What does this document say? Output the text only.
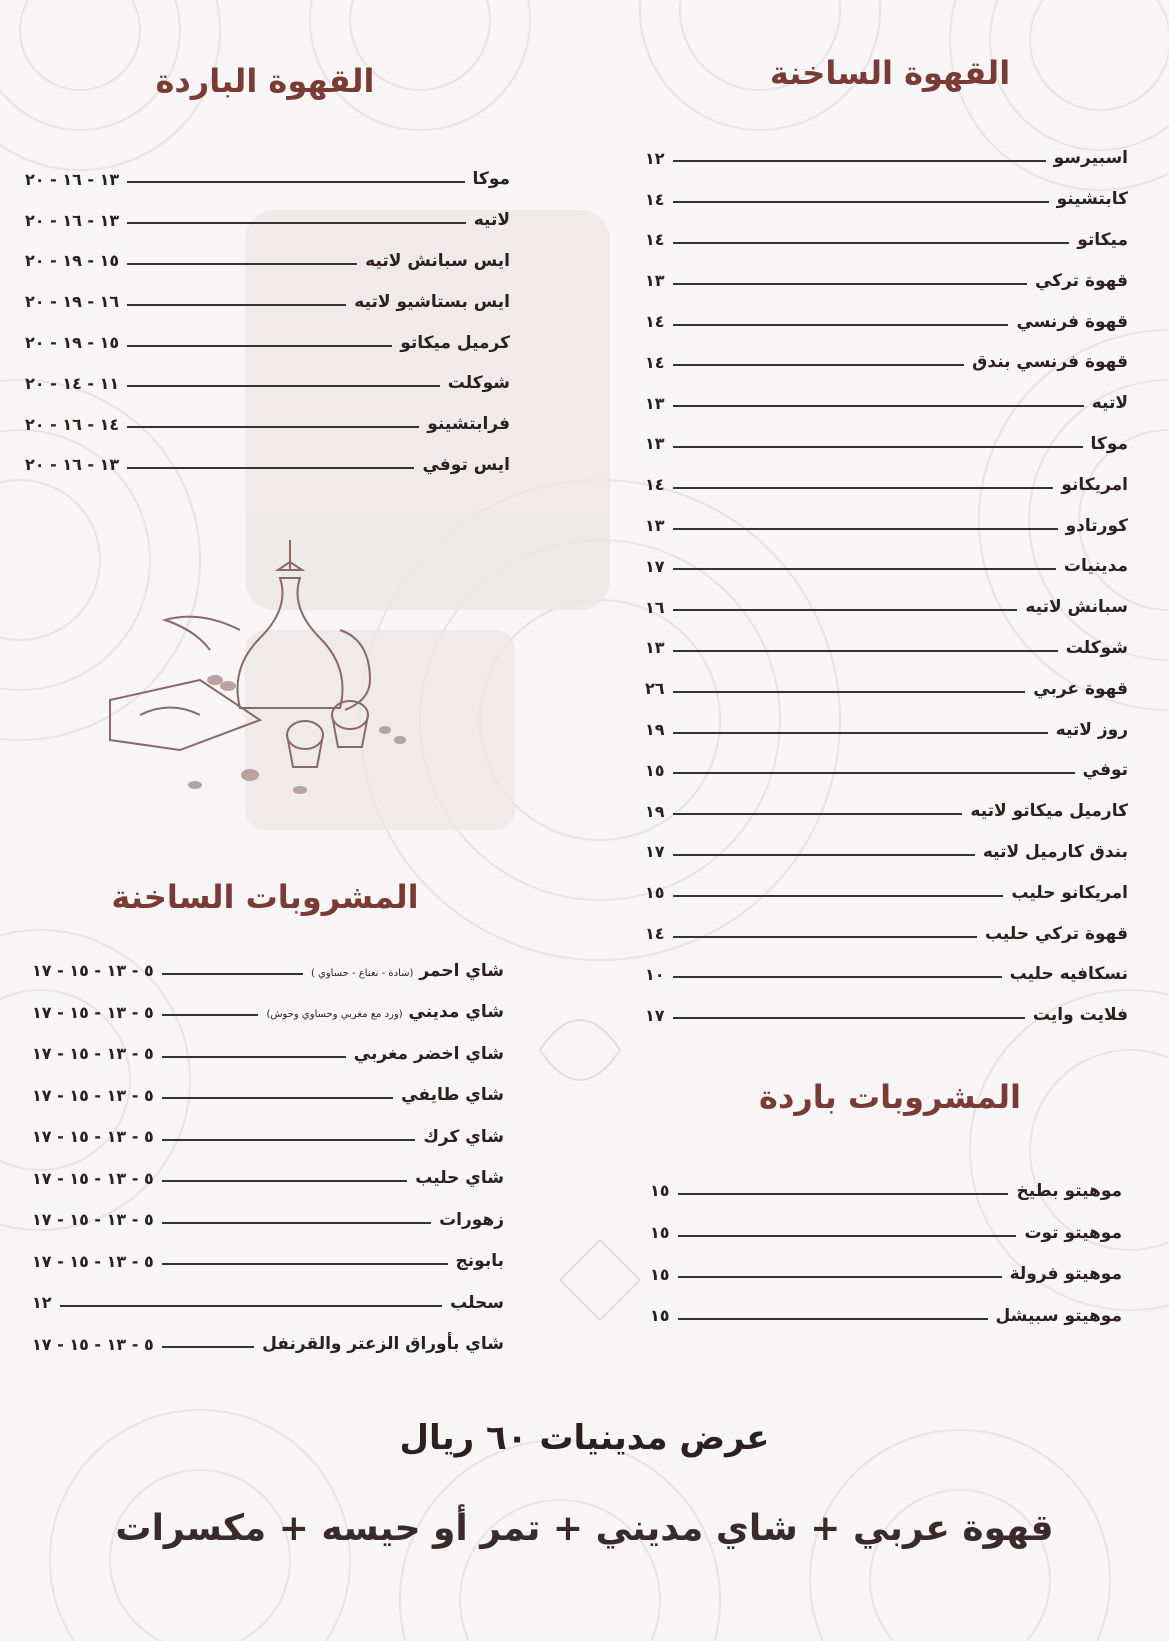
القهوة الساخنة
اسبيرسو
١٢
كابتشينو
١٤
ميكاتو
١٤
قهوة تركي
١٣
قهوة فرنسي
١٤
قهوة فرنسي بندق
١٤
لاتيه
١٣
موكا
١٣
امريكانو
١٤
كورتادو
١٣
مدينيات
١٧
سبانش لاتيه
١٦
شوكلت
١٣
قهوة عربي
٢٦
روز لاتيه
١٩
توفي
١٥
كارميل ميكاتو لاتيه
١٩
بندق كارميل لاتيه
١٧
امريكانو حليب
١٥
قهوة تركي حليب
١٤
نسكافيه حليب
١٠
فلايت وايت
١٧
القهوة الباردة
موكا
١٣ - ١٦ - ٢٠
لاتيه
١٣ - ١٦ - ٢٠
ايس سبانش لاتيه
١٥ - ١٩ - ٢٠
ايس بستاشيو لاتيه
١٦ - ١٩ - ٢٠
كرميل ميكاتو
١٥ - ١٩ - ٢٠
شوكلت
١١ - ١٤ - ٢٠
فرابتشينو
١٤ - ١٦ - ٢٠
ايس توفي
١٣ - ١٦ - ٢٠
المشروبات الساخنة
شاي احمر (سادة - نعناع - حساوي )
٥ - ١٣ - ١٥ - ١٧
شاي مديني (ورد مع مغربي وحساوي وحوش)
٥ - ١٣ - ١٥ - ١٧
شاي اخضر مغربي
٥ - ١٣ - ١٥ - ١٧
شاي طايفي
٥ - ١٣ - ١٥ - ١٧
شاي كرك
٥ - ١٣ - ١٥ - ١٧
شاي حليب
٥ - ١٣ - ١٥ - ١٧
زهورات
٥ - ١٣ - ١٥ - ١٧
بابونج
٥ - ١٣ - ١٥ - ١٧
سحلب
١٢
شاي بأوراق الزعتر والقرنفل
٥ - ١٣ - ١٥ - ١٧
المشروبات باردة
موهيتو بطيخ
١٥
موهيتو توت
١٥
موهيتو فرولة
١٥
موهيتو سبيشل
١٥

عرض مدينيات ٦٠ ريال

قهوة عربي + شاي مديني + تمر أو حيسه + مكسرات
